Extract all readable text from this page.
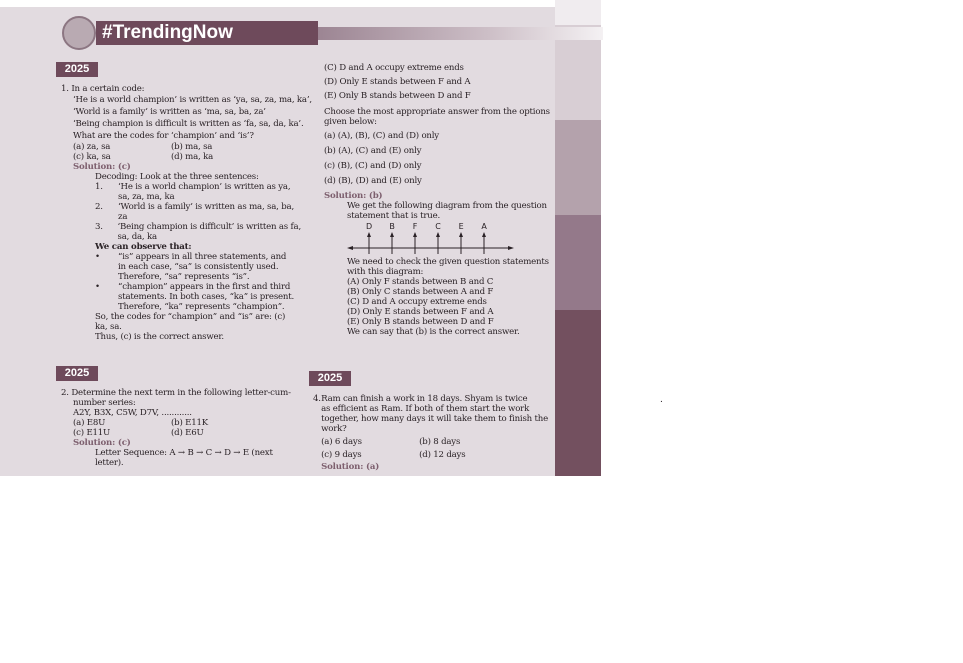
#TrendingNow
2025
2025	2025
1. In a certain code:
‘He is a world champion’ is written as ‘ya, sa, za, ma, ka’,
‘World is a family’ is written as ‘ma, sa, ba, za’
‘Being champion is difficult is written as ‘fa, sa, da, ka’.
What are the codes for ‘champion’ and ‘is’?
(a) za, sa	(b) ma, sa
(c) ka, sa	(d) ma, ka
Solution: (c)
Decoding: Look at the three sentences:
1.	‘He is a world champion’ is written as ya,
sa, za, ma, ka
2.	‘World is a family’ is written as ma, sa, ba,
za
3.	‘Being champion is difficult’ is written as fa,
sa, da, ka
We can observe that:
•	“is” appears in all three statements, and
in each case, “sa” is consistently used.
Therefore, “sa” represents “is”.
•	“champion” appears in the first and third
statements. In both cases, “ka” is present.
Therefore, “ka” represents “champion”.
So, the codes for “champion” and “is” are: (c)
ka, sa.
Thus, (c) is the correct answer.
2. Determine the next term in the following letter-cum-
number series:
A2Y, B3X, C5W, D7V, ............
(a) E8U	(b) E11K
(c) E11U	(d) E6U
Solution: (c)
Letter Sequence: A → B → C → D → E (next
letter).
(C) D and A occupy extreme ends
(D) Only E stands between F and A
(E) Only B stands between D and F
Choose the most appropriate answer from the options
given below:
(a) (A), (B), (C) and (D) only
(b) (A), (C) and (E) only
(c) (B), (C) and (D) only
(d) (B), (D) and (E) only
Solution: (b)
We get the following diagram from the question
statement that is true.
D B F C E A
We need to check the given question statements
with this diagram:
(A) Only F stands between B and C
(B) Only C stands between A and F
(C) D and A occupy extreme ends
(D) Only E stands between F and A
(E) Only B stands between D and F
We can say that (b) is the correct answer.
4. Ram can finish a work in 18 days. Shyam is twice
as efficient as Ram. If both of them start the work
together, how many days it will take them to finish the
work?
(a) 6 days	(b) 8 days
(c) 9 days	(d) 12 days
Solution: (a)
.
